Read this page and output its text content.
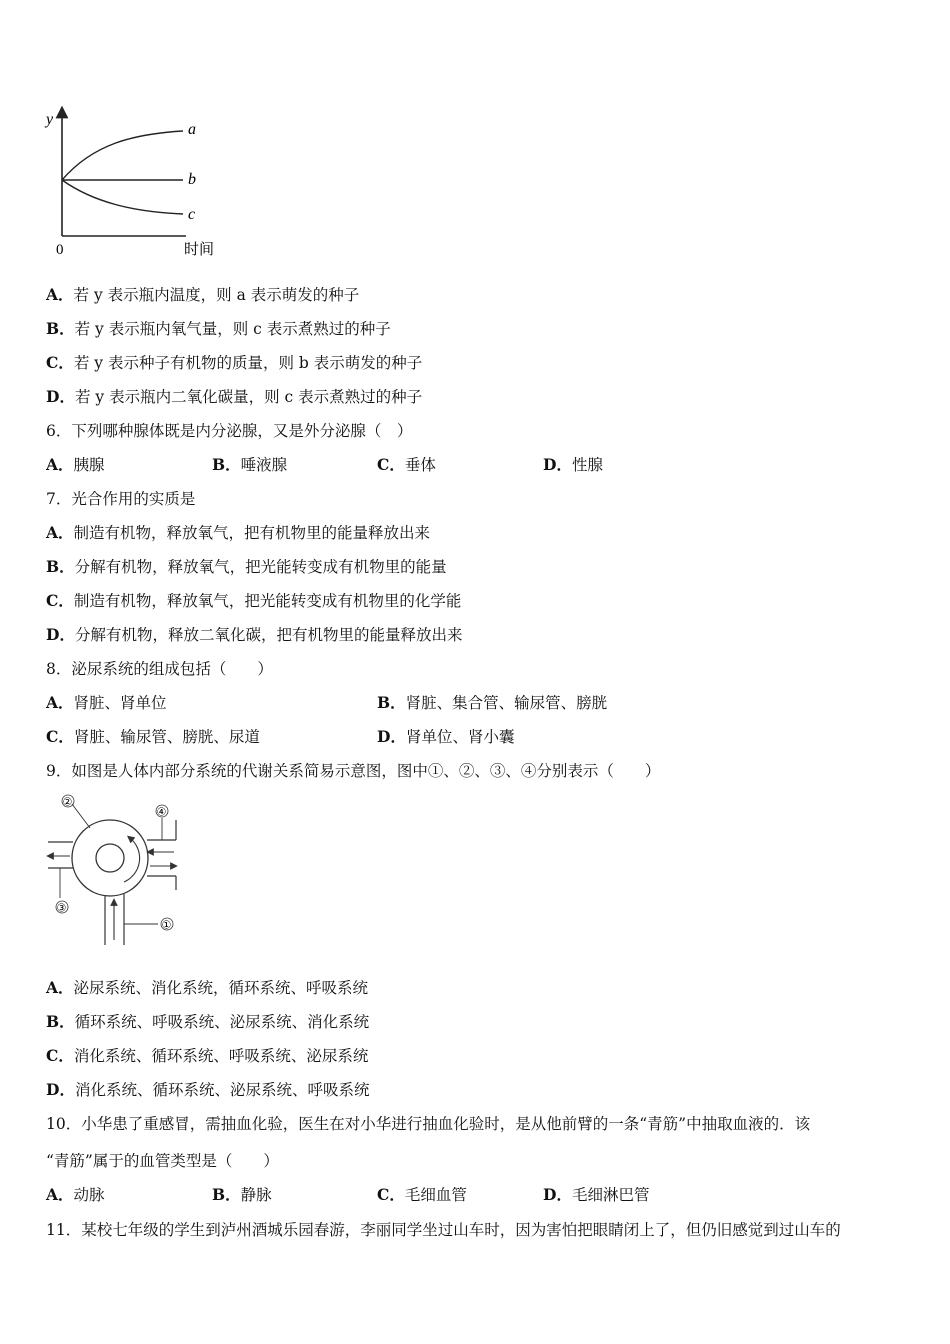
y
0	时间
a
b
c
A．若 y 表示瓶内温度，则 a 表示萌发的种子
B．若 y 表示瓶内氧气量，则 c 表示煮熟过的种子
C．若 y 表示种子有机物的质量，则 b 表示萌发的种子
D．若 y 表示瓶内二氧化碳量，则 c 表示煮熟过的种子
6．下列哪种腺体既是内分泌腺，又是外分泌腺（　）
A．胰腺	B．唾液腺	C．垂体	D．性腺
7．光合作用的实质是
A．制造有机物，释放氧气，把有机物里的能量释放出来
B．分解有机物，释放氧气，把光能转变成有机物里的能量
C．制造有机物，释放氧气，把光能转变成有机物里的化学能
D．分解有机物，释放二氧化碳，把有机物里的能量释放出来
8．泌尿系统的组成包括（　　）
A．肾脏、肾单位	B．肾脏、集合管、输尿管、膀胱
C．肾脏、输尿管、膀胱、尿道	D．肾单位、肾小囊
9．如图是人体内部分系统的代谢关系简易示意图，图中①、②、③、④分别表示（　　）
②
④
③
①
A．泌尿系统、消化系统，循环系统、呼吸系统
B．循环系统、呼吸系统、泌尿系统、消化系统
C．消化系统、循环系统、呼吸系统、泌尿系统
D．消化系统、循环系统、泌尿系统、呼吸系统
10．小华患了重感冒，需抽血化验，医生在对小华进行抽血化验时，是从他前臂的一条“青筋”中抽取血液的．该
“青筋”属于的血管类型是（　　）
A．动脉	B．静脉	C．毛细血管	D．毛细淋巴管
11．某校七年级的学生到泸州酒城乐园春游，李丽同学坐过山车时，因为害怕把眼睛闭上了，但仍旧感觉到过山车的
